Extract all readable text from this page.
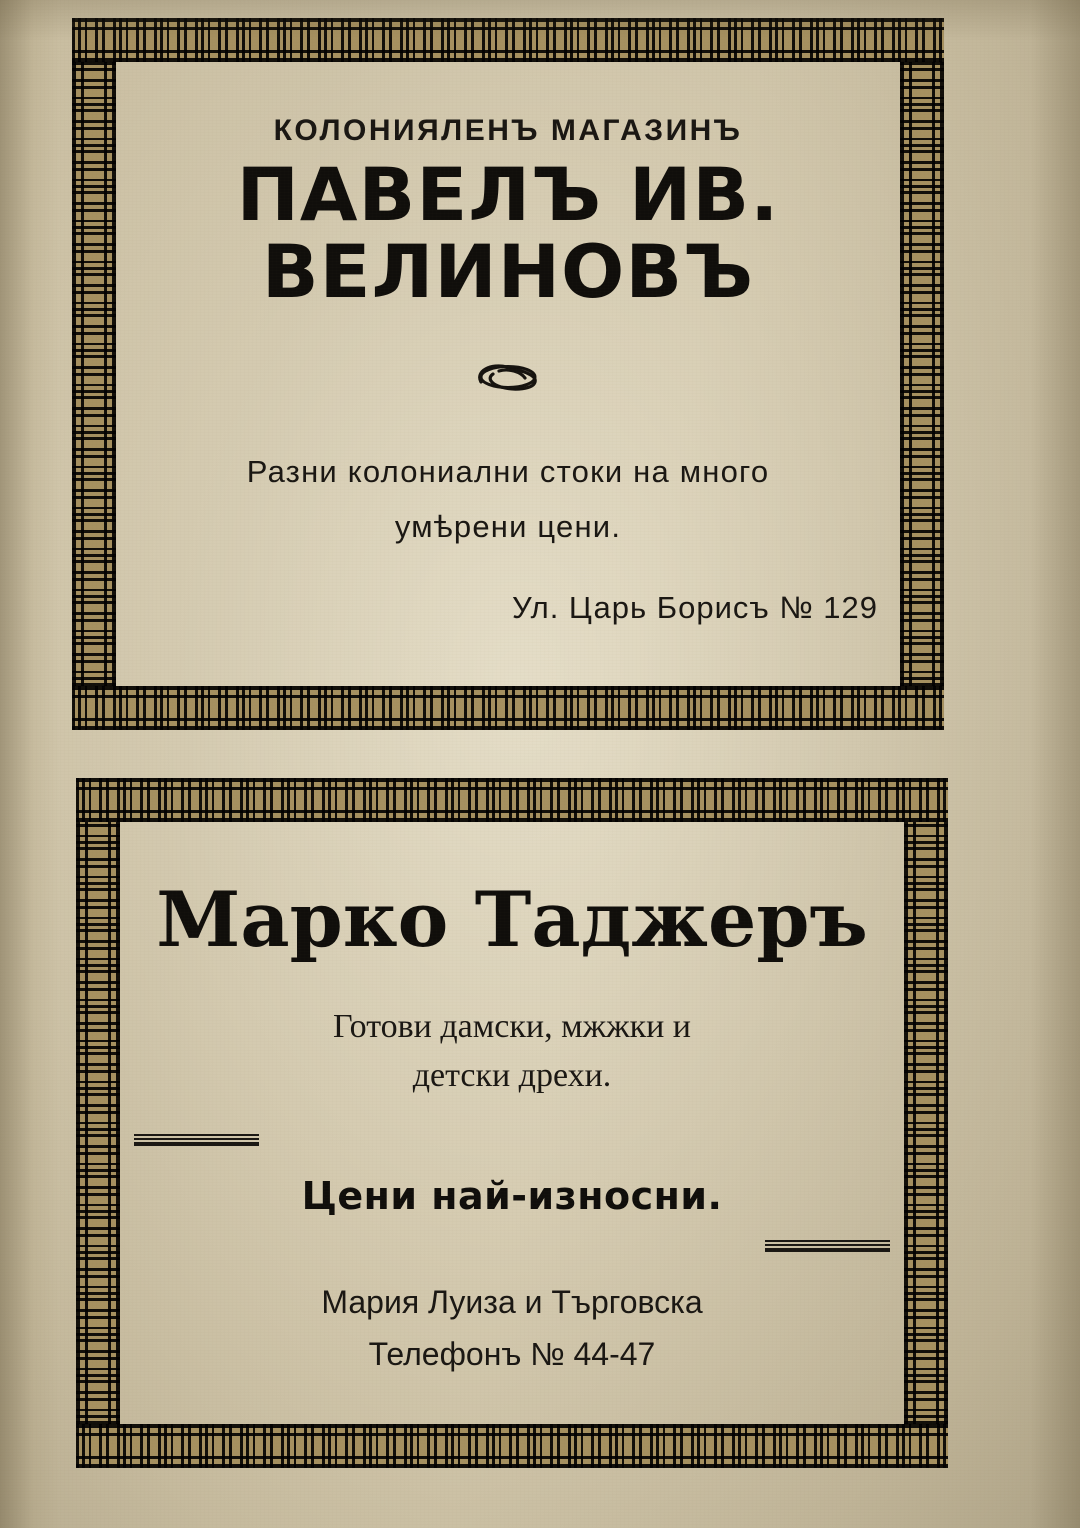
КОЛОНИЯЛЕНЪ МАГАЗИНЪ
ПАВЕЛЪ ИВ. ВЕЛИНОВЪ
Разни колониални стоки на много
умѣрени цени.
Ул. Царь Борисъ № 129
Марко Таджеръ
Готови дамски, мжжки и
детски дрехи.
Цени най-износни.
Мария Луиза и Търговска
Телефонъ № 44-47
